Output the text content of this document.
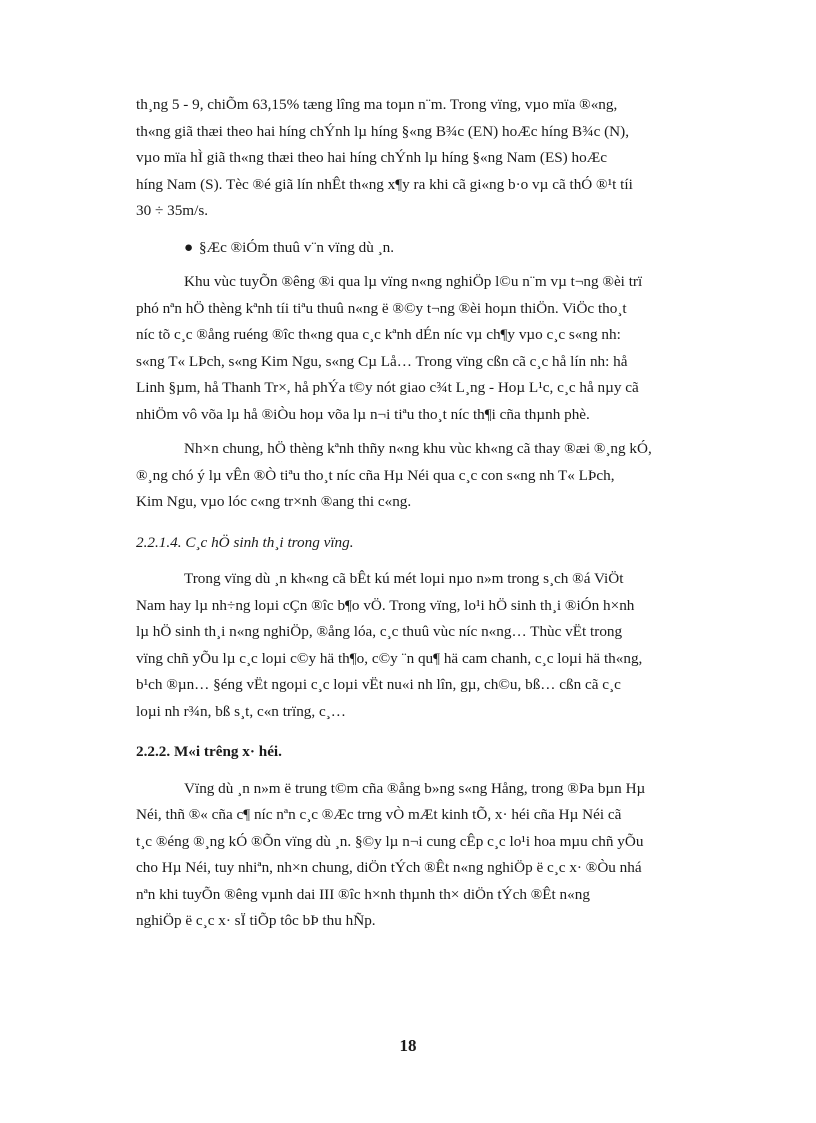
th¸ng 5 - 9, chiÕm 63,15% tæng lîng ma toµn n¨m. Trong vïng, vµo mïa ®«ng,
th«ng giã thæi theo hai híng chÝnh lµ híng §«ng B¾c (EN) hoÆc híng B¾c (N),
vµo mïa hÌ giã th«ng thæi theo hai híng chÝnh lµ híng §«ng Nam (ES) hoÆc
híng Nam (S). Tèc ®é giã lín nhÊt th«ng x¶y ra khi cã gi«ng b·o vµ cã thÓ ®¹t tíi
30 ÷ 35m/s.
● §Æc ®iÓm thuû v¨n vïng dù ¸n.
Khu vùc tuyÕn ®êng ®i qua lµ vïng n«ng nghiÖp l©u n¨m vµ t¬ng ®èi trï
phó nªn hÖ thèng kªnh tíi tiªu thuû n«ng ë ®©y t¬ng ®èi hoµn thiÖn. ViÖc tho¸t
níc tõ c¸c ®ång ruéng ®îc th«ng qua c¸c kªnh dÉn níc vµ ch¶y vµo c¸c s«ng nh:
s«ng T« LÞch, s«ng Kim Ngu, s«ng Cµ Lå… Trong vïng cßn cã c¸c hå lín nh: hå
Linh §µm, hå Thanh Tr×, hå phÝa t©y nót giao c¾t L¸ng - Hoµ L¹c, c¸c hå nµy cã
nhiÖm vô võa lµ hå ®iÒu hoµ võa lµ n¬i tiªu tho¸t níc th¶i cña thµnh phè.
Nh×n chung, hÖ thèng kªnh thñy n«ng khu vùc kh«ng cã thay ®æi ®¸ng kÓ,
®¸ng chó ý lµ vÊn ®Ò tiªu tho¸t níc cña Hµ Néi qua c¸c con s«ng nh T« LÞch,
Kim Ngu, vµo lóc c«ng tr×nh ®ang thi c«ng.
2.2.1.4. C¸c hÖ sinh th¸i trong vïng.
Trong vïng dù ¸n kh«ng cã bÊt kú mét loµi nµo n»m trong s¸ch ®á ViÖt
Nam hay lµ nh÷ng loµi cÇn ®îc b¶o vÖ. Trong vïng, lo¹i hÖ sinh th¸i ®iÓn h×nh
lµ hÖ sinh th¸i n«ng nghiÖp, ®ång lóa, c¸c thuû vùc níc n«ng… Thùc vËt trong
vïng chñ yÕu lµ c¸c loµi c©y hä th¶o, c©y ¨n qu¶ hä cam chanh, c¸c loµi hä th«ng,
b¹ch ®µn… §éng vËt ngoµi c¸c loµi vËt nu«i nh lîn, gµ, ch©u, bß… cßn cã c¸c
loµi nh r¾n, bß s¸t, c«n trïng, c¸…
2.2.2. M«i trêng x· héi.
Vïng dù ¸n n»m ë trung t©m cña ®ång b»ng s«ng Hång, trong ®Þa bµn Hµ
Néi, thñ ®« cña c¶ níc nªn c¸c ®Æc trng vÒ mÆt kinh tÕ, x· héi cña Hµ Néi cã
t¸c ®éng ®¸ng kÓ ®Õn vïng dù ¸n. §©y lµ n¬i cung cÊp c¸c lo¹i hoa mµu chñ yÕu
cho Hµ Néi, tuy nhiªn, nh×n chung, diÖn tÝch ®Êt n«ng nghiÖp ë c¸c x· ®Òu nhá
nªn khi tuyÕn ®êng vµnh dai III ®îc h×nh thµnh th× diÖn tÝch ®Êt n«ng
nghiÖp ë c¸c x· sÏ tiÕp tôc bÞ thu hÑp.
18
